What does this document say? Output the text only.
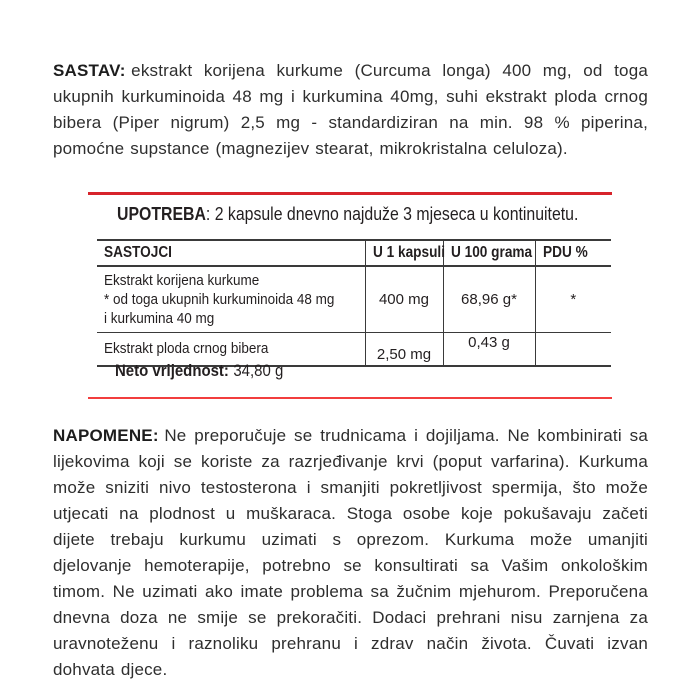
SASTAV: ekstrakt korijena kurkume (Curcuma longa) 400 mg, od toga ukupnih kurkuminoida 48 mg i kurkumina 40mg, suhi ekstrakt ploda crnog bibera (Piper nigrum) 2,5 mg - standardiziran na min. 98 % piperina, pomoćne supstance (magnezijev stearat, mikrokristalna celuloza).

UPOTREBA: 2 kapsule dnevno najduže 3 mjeseca u kontinuitetu.
SASTOJCI	U 1 kapsuli	U 100 grama	PDU %

Ekstrakt korijena kurkume
* od toga ukupnih kurkuminoida 48 mg
i kurkumina 40 mg	400 mg	68,96 g*	*

Ekstrakt ploda crnog bibera	2,50 mg	0,43 g	
Neto vrijednost: 34,80 g

NAPOMENE: Ne preporučuje se trudnicama i dojiljama. Ne kombinirati sa lijekovima koji se koriste za razrjeđivanje krvi (poput varfarina). Kurkuma može sniziti nivo testosterona i smanjiti pokretljivost spermija, što može utjecati na plodnost u muškaraca. Stoga osobe koje pokušavaju začeti dijete trebaju kurkumu uzimati s oprezom. Kurkuma može umanjiti djelovanje hemoterapije, potrebno se konsultirati sa Vašim onkološkim timom. Ne uzimati ako imate problema sa žučnim mjehurom. Preporučena dnevna doza ne smije se prekoračiti. Dodaci prehrani nisu zarnjena za uravnoteženu i raznoliku prehranu i zdrav način života. Čuvati izvan dohvata djece.
